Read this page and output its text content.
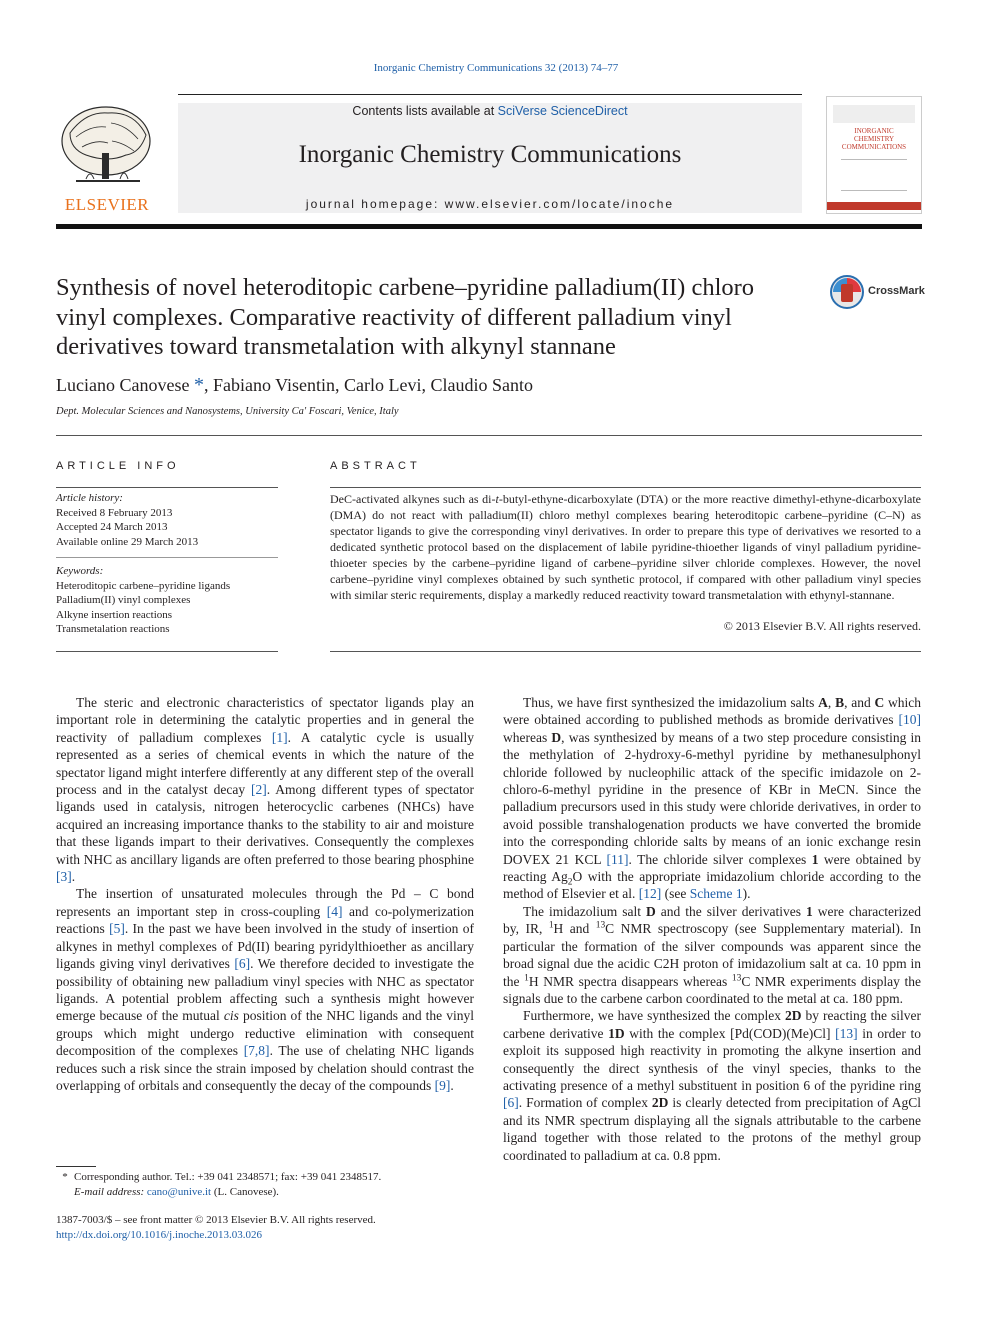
Inorganic Chemistry Communications 32 (2013) 74–77
ELSEVIER
Contents lists available at SciVerse ScienceDirect
Inorganic Chemistry Communications
journal homepage: www.elsevier.com/locate/inoche
INORGANIC
CHEMISTRY
COMMUNICATIONS
Synthesis of novel heteroditopic carbene–pyridine palladium(II) chloro vinyl complexes. Comparative reactivity of different palladium vinyl derivatives toward transmetalation with alkynyl stannane
CrossMark
Luciano Canovese *, Fabiano Visentin, Carlo Levi, Claudio Santo
Dept. Molecular Sciences and Nanosystems, University Ca' Foscari, Venice, Italy
ARTICLE INFO
Article history:
Received 8 February 2013
Accepted 24 March 2013
Available online 29 March 2013
Keywords:
Heteroditopic carbene–pyridine ligands
Palladium(II) vinyl complexes
Alkyne insertion reactions
Transmetalation reactions
ABSTRACT
DeC-activated alkynes such as di-t-butyl-ethyne-dicarboxylate (DTA) or the more reactive dimethyl-ethyne-dicarboxylate (DMA) do not react with palladium(II) chloro methyl complexes bearing heteroditopic carbene–pyridine (C–N) as spectator ligands to give the corresponding vinyl derivatives. In order to prepare this type of derivatives we resorted to a dedicated synthetic protocol based on the displacement of labile pyridine-thioether ligands of vinyl palladium pyridine-thioeter species by the carbene–pyridine ligand of carbene–pyridine silver chloride complexes. However, the novel carbene–pyridine vinyl complexes obtained by such synthetic protocol, if compared with other palladium vinyl species with similar steric requirements, display a markedly reduced reactivity toward transmetalation with ethynyl-stannane.
© 2013 Elsevier B.V. All rights reserved.

The steric and electronic characteristics of spectator ligands play an important role in determining the catalytic properties and in general the reactivity of palladium complexes [1]. A catalytic cycle is usually represented as a series of chemical events in which the nature of the spectator ligand might interfere differently at any different step of the overall process and in the catalyst decay [2]. Among different types of spectator ligands used in catalysis, nitrogen heterocyclic carbenes (NHCs) have acquired an increasing importance thanks to the stability to air and moisture that these ligands impart to their derivatives. Consequently the complexes with NHC as ancillary ligands are often preferred to those bearing phosphine [3].

The insertion of unsaturated molecules through the Pd – C bond represents an important step in cross-coupling [4] and co-polymerization reactions [5]. In the past we have been involved in the study of insertion of alkynes in methyl complexes of Pd(II) bearing pyridylthioether as ancillary ligands giving vinyl derivatives [6]. We therefore decided to investigate the possibility of obtaining new palladium vinyl species with NHC as spectator ligands. A potential problem affecting such a synthesis might however emerge because of the mutual cis position of the NHC ligands and the vinyl groups which might undergo reductive elimination with consequent decomposition of the complexes [7,8]. The use of chelating NHC ligands reduces such a risk since the strain imposed by chelation should contrast the overlapping of orbitals and consequently the decay of the compounds [9].

Thus, we have first synthesized the imidazolium salts A, B, and C which were obtained according to published methods as bromide derivatives [10] whereas D, was synthesized by means of a two step procedure consisting in the methylation of 2-hydroxy-6-methyl pyridine by methanesulphonyl chloride followed by nucleophilic attack of the specific imidazole on 2-chloro-6-methyl pyridine in the presence of KBr in MeCN. Since the palladium precursors used in this study were chloride derivatives, in order to avoid possible transhalogenation products we have converted the bromide into the corresponding chloride salts by means of an ionic exchange resin DOVEX 21 KCL [11]. The chloride silver complexes 1 were obtained by reacting $Ag_2O$ with the appropriate imidazolium chloride according to the method of Elsevier et al. [12] (see Scheme 1).

The imidazolium salt D and the silver derivatives 1 were characterized by, IR, $^1$H and $^{13}$C NMR spectroscopy (see Supplementary material). In particular the formation of the silver compounds was apparent since the broad signal due the acidic C2H proton of imidazolium salt at ca. 10 ppm in the $^1$H NMR spectra disappears whereas $^{13}$C NMR experiments display the signals due to the carbene carbon coordinated to the metal at ca. 180 ppm.

Furthermore, we have synthesized the complex 2D by reacting the silver carbene derivative 1D with the complex [Pd(COD)(Me)Cl] [13] in order to exploit its supposed high reactivity in promoting the alkyne insertion and consequently the direct synthesis of the vinyl species, thanks to the activating presence of a methyl substituent in position 6 of the pyridine ring [6]. Formation of complex 2D is clearly detected from precipitation of AgCl and its NMR spectrum displaying all the signals attributable to the carbene ligand together with those related to the protons of the methyl group coordinated to palladium at ca. 0.8 ppm.

* Corresponding author. Tel.: +39 041 2348571; fax: +39 041 2348517.
E-mail address: cano@unive.it (L. Canovese).
1387-7003/$ – see front matter © 2013 Elsevier B.V. All rights reserved.
http://dx.doi.org/10.1016/j.inoche.2013.03.026
